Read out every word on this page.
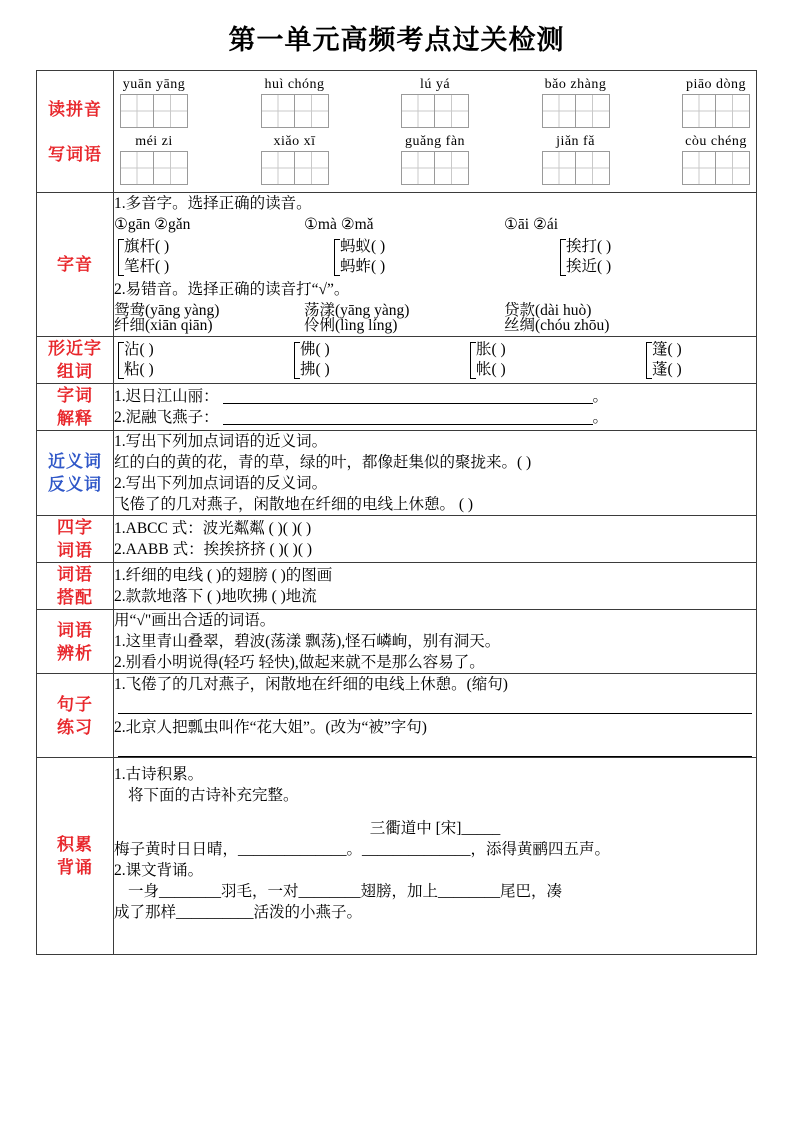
第一单元高频考点过关检测
读拼音
写词语

yuān yāng	huì chóng	lú yá	bǎo zhàng	piāo dòng
méi zi	xiǎo xī	guǎng fàn	jiǎn fǎ	còu chéng

字音	
1.多音字。选择正确的读音。
①gān ②gǎn	①mà ②mǎ	①āi ②ái
旗杆( )
笔杆( )
蚂蚁( )
蚂蚱( )
挨打( )
挨近( )
2.易错音。选择正确的读音打“√”。
鸳鸯(yāng yàng)	荡漾(yāng yàng)	贷款(dài huò)
纤细(xiān qiān)	伶俐(lìng líng)	丝绸(chóu zhōu)

形近字
组词

沾( )
粘( )
佛( )
拂( )
胀( )
帐( )
篷( )
蓬( )

字词
解释

1.迟日江山丽：	。
2.泥融飞燕子：	。

近义词
反义词

1.写出下列加点词语的近义词。
红的白的黄的花，青的草，绿的叶，都像赶集似的聚拢来。( )
2.写出下列加点词语的反义词。
飞倦了的几对燕子，闲散地在纤细的电线上休憩。 ( )

四字
词语

1.ABCC 式：波光粼粼 ( )( )( )
2.AABB 式：挨挨挤挤 ( )( )( )

词语
搭配

1.纤细的电线 ( )的翅膀 ( )的图画
2.款款地落下 ( )地吹拂 ( )地流

词语
辨析

用“√"画出合适的词语。
1.这里青山叠翠，碧波(荡漾 飘荡),怪石嶙峋，别有洞天。
2.别看小明说得(轻巧 轻快),做起来就不是那么容易了。

句子
练习

1.飞倦了的几对燕子，闲散地在纤细的电线上休憩。(缩句)
2.北京人把瓢虫叫作“花大姐”。(改为“被”字句)

积累
背诵

1.古诗积累。
将下面的古诗补充完整。
三衢道中 [宋]_____
梅子黄时日日晴，______________。______________，添得黄鹂四五声。
2.课文背诵。
一身________羽毛，一对________翅膀，加上________尾巴，凑
成了那样__________活泼的小燕子。
